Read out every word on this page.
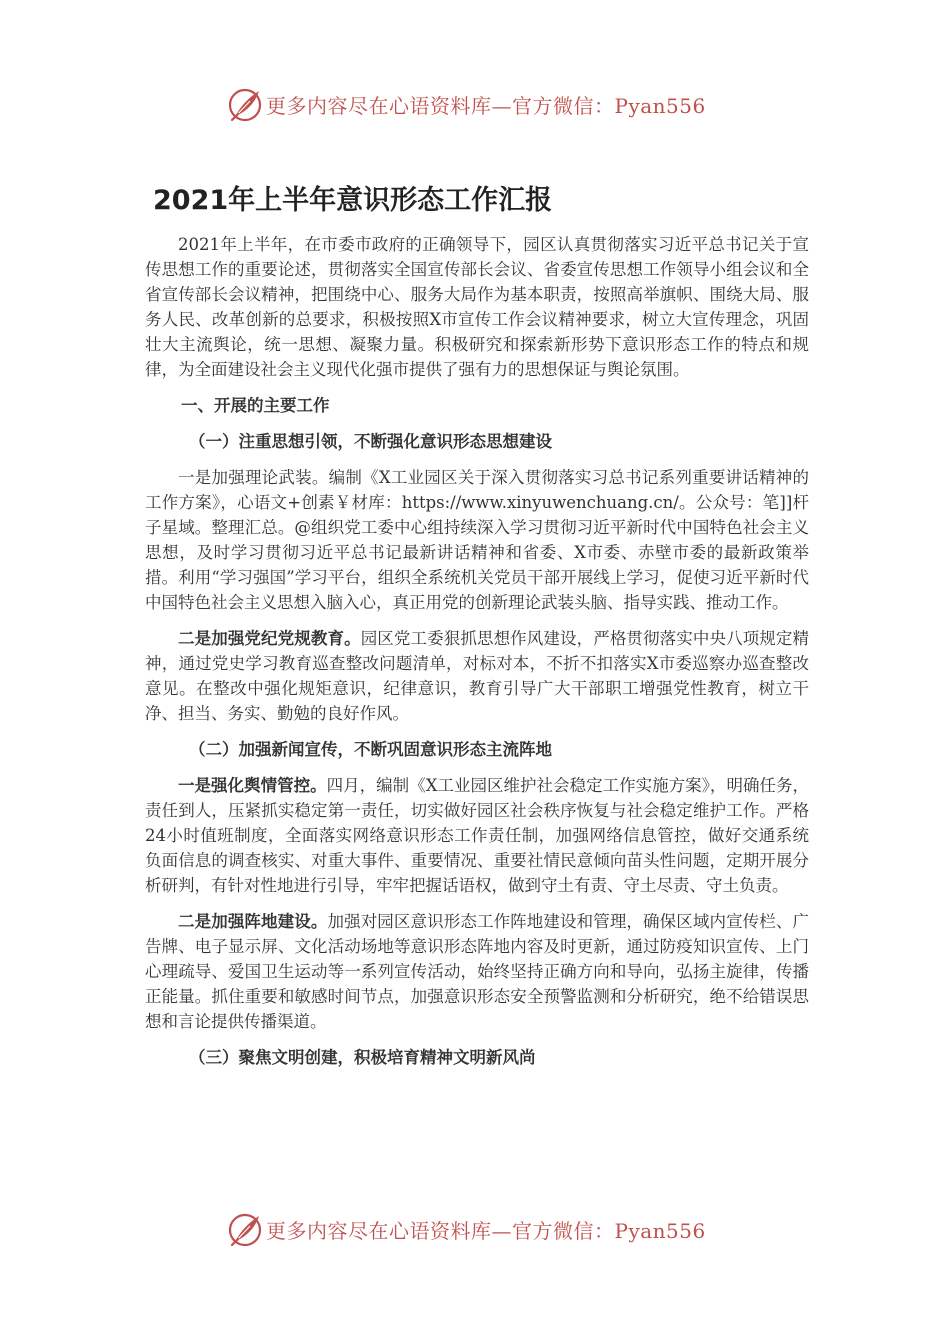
更多内容尽在心语资料库—官方微信：Pyan556
2021年上半年意识形态工作汇报

2021年上半年，在市委市政府的正确领导下，园区认真贯彻落实习近平总书记关于宣传思想工作的重要论述，贯彻落实全国宣传部长会议、省委宣传思想工作领导小组会议和全省宣传部长会议精神，把围绕中心、服务大局作为基本职责，按照高举旗帜、围绕大局、服务人民、改革创新的总要求，积极按照X市宣传工作会议精神要求，树立大宣传理念，巩固壮大主流舆论，统一思想、凝聚力量。积极研究和探索新形势下意识形态工作的特点和规律，为全面建设社会主义现代化强市提供了强有力的思想保证与舆论氛围。

一、开展的主要工作
（一）注重思想引领，不断强化意识形态思想建设

一是加强理论武装。编制《X工业园区关于深入贯彻落实习总书记系列重要讲话精神的工作方案》，心语文+创素￥材库：https://www.xinyuwenchuang.cn/。公众号：笔]]杆子星域。整理汇总。@组织党工委中心组持续深入学习贯彻习近平新时代中国特色社会主义思想，及时学习贯彻习近平总书记最新讲话精神和省委、X市委、赤壁市委的最新政策举措。利用“学习强国”学习平台，组织全系统机关党员干部开展线上学习，促使习近平新时代中国特色社会主义思想入脑入心，真正用党的创新理论武装头脑、指导实践、推动工作。

二是加强党纪党规教育。园区党工委狠抓思想作风建设，严格贯彻落实中央八项规定精神，通过党史学习教育巡查整改问题清单，对标对本，不折不扣落实X市委巡察办巡查整改意见。在整改中强化规矩意识，纪律意识，教育引导广大干部职工增强党性教育，树立干净、担当、务实、勤勉的良好作风。

（二）加强新闻宣传，不断巩固意识形态主流阵地

一是强化舆情管控。四月，编制《X工业园区维护社会稳定工作实施方案》，明确任务，责任到人，压紧抓实稳定第一责任，切实做好园区社会秩序恢复与社会稳定维护工作。严格24小时值班制度，全面落实网络意识形态工作责任制，加强网络信息管控，做好交通系统负面信息的调查核实、对重大事件、重要情况、重要社情民意倾向苗头性问题，定期开展分析研判，有针对性地进行引导，牢牢把握话语权，做到守土有责、守土尽责、守土负责。

二是加强阵地建设。加强对园区意识形态工作阵地建设和管理，确保区域内宣传栏、广告牌、电子显示屏、文化活动场地等意识形态阵地内容及时更新，通过防疫知识宣传、上门心理疏导、爱国卫生运动等一系列宣传活动，始终坚持正确方向和导向，弘扬主旋律，传播正能量。抓住重要和敏感时间节点，加强意识形态安全预警监测和分析研究，绝不给错误思想和言论提供传播渠道。

（三）聚焦文明创建，积极培育精神文明新风尚
更多内容尽在心语资料库—官方微信：Pyan556
